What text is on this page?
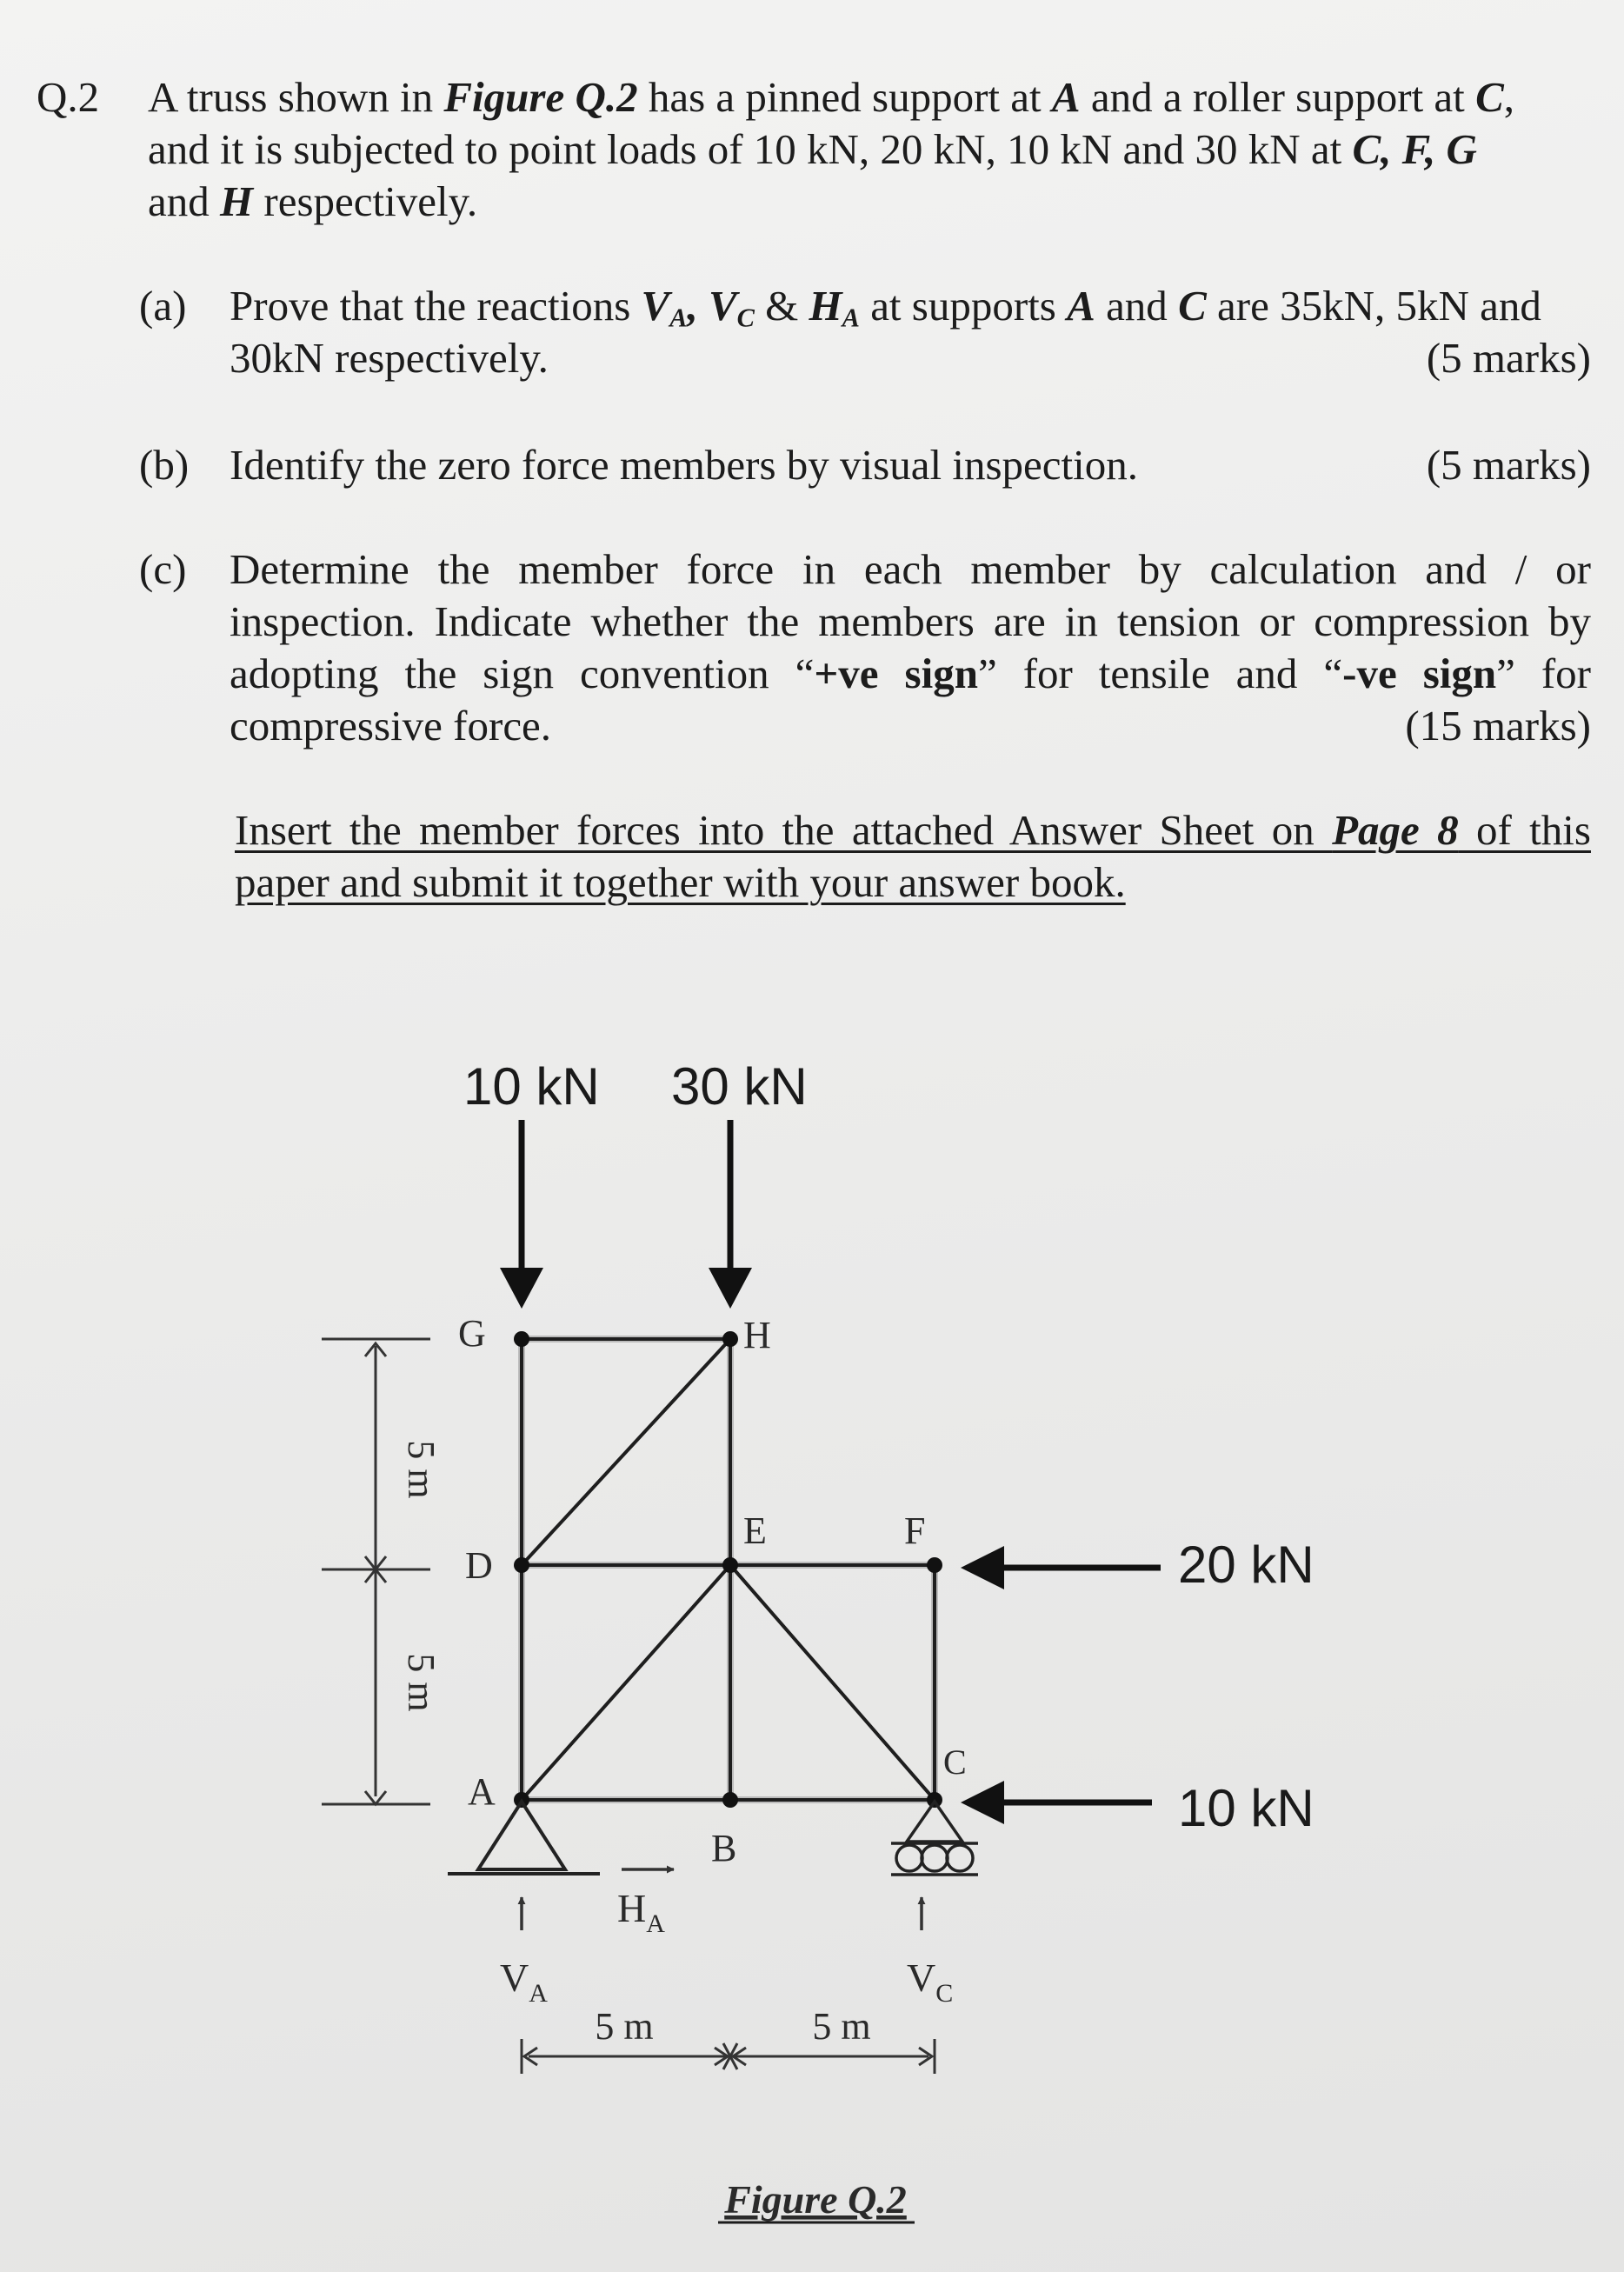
Q.2 A truss shown in Figure Q.2 has a pinned support at A and a roller support at C,
and it is subjected to point loads of 10 kN, 20 kN, 10 kN and 30 kN at C, F, G
and H respectively.
(a) Prove that the reactions VA, VC & HA at supports A and C are 35kN, 5kN and
30kN respectively.	(5 marks)
(b) Identify the zero force members by visual inspection.	(5 marks)
(c) Determine the member force in each member by calculation and / or
inspection. Indicate whether the members are in tension or compression by
adopting the sign convention “+ve sign” for tensile and “-ve sign” for
compressive force.	(15 marks)
Insert the member forces into the attached Answer Sheet on Page 8 of this
paper and submit it together with your answer book.
10 kN 30 kN
20 kN
10 kN
G	H
D
E	F
A
B
C
$V_A$
$H_A$
$V_C$
5 m
5 m
5 m	5 m
Figure Q.2
